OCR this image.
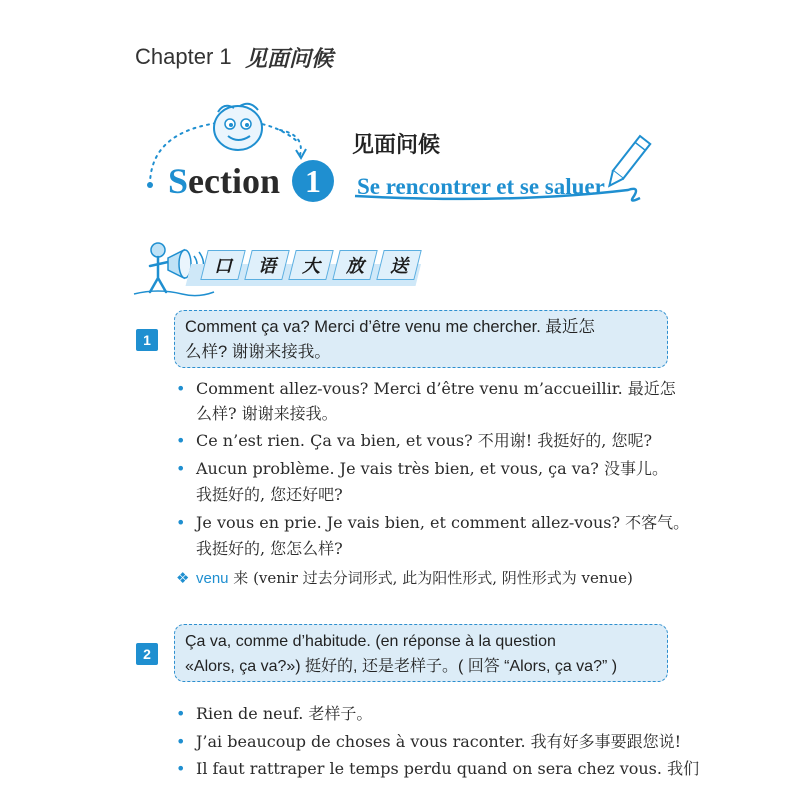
Chapter 1 见面问候
Section 1
见面问候
Se rencontrer et se saluer
口 语 大 放 送
1
Comment ça va? Merci d’être venu me chercher. 最近怎
么样? 谢谢来接我。
• Comment allez-vous? Merci d’être venu m’accueillir. 最近怎
么样? 谢谢来接我。
• Ce n’est rien. Ça va bien, et vous? 不用谢! 我挺好的, 您呢?
• Aucun problème. Je vais très bien, et vous, ça va? 没事儿。
我挺好的, 您还好吧?
• Je vous en prie. Je vais bien, et comment allez-vous? 不客气。
我挺好的, 您怎么样?
❖ venu 来 (venir 过去分词形式, 此为阳性形式, 阴性形式为 venue)
2
Ça va, comme d’habitude. (en réponse à la question
«Alors, ça va?») 挺好的, 还是老样子。( 回答 “Alors, ça va?” )
• Rien de neuf. 老样子。
• J’ai beaucoup de choses à vous raconter. 我有好多事要跟您说!
• Il faut rattraper le temps perdu quand on sera chez vous. 我们
